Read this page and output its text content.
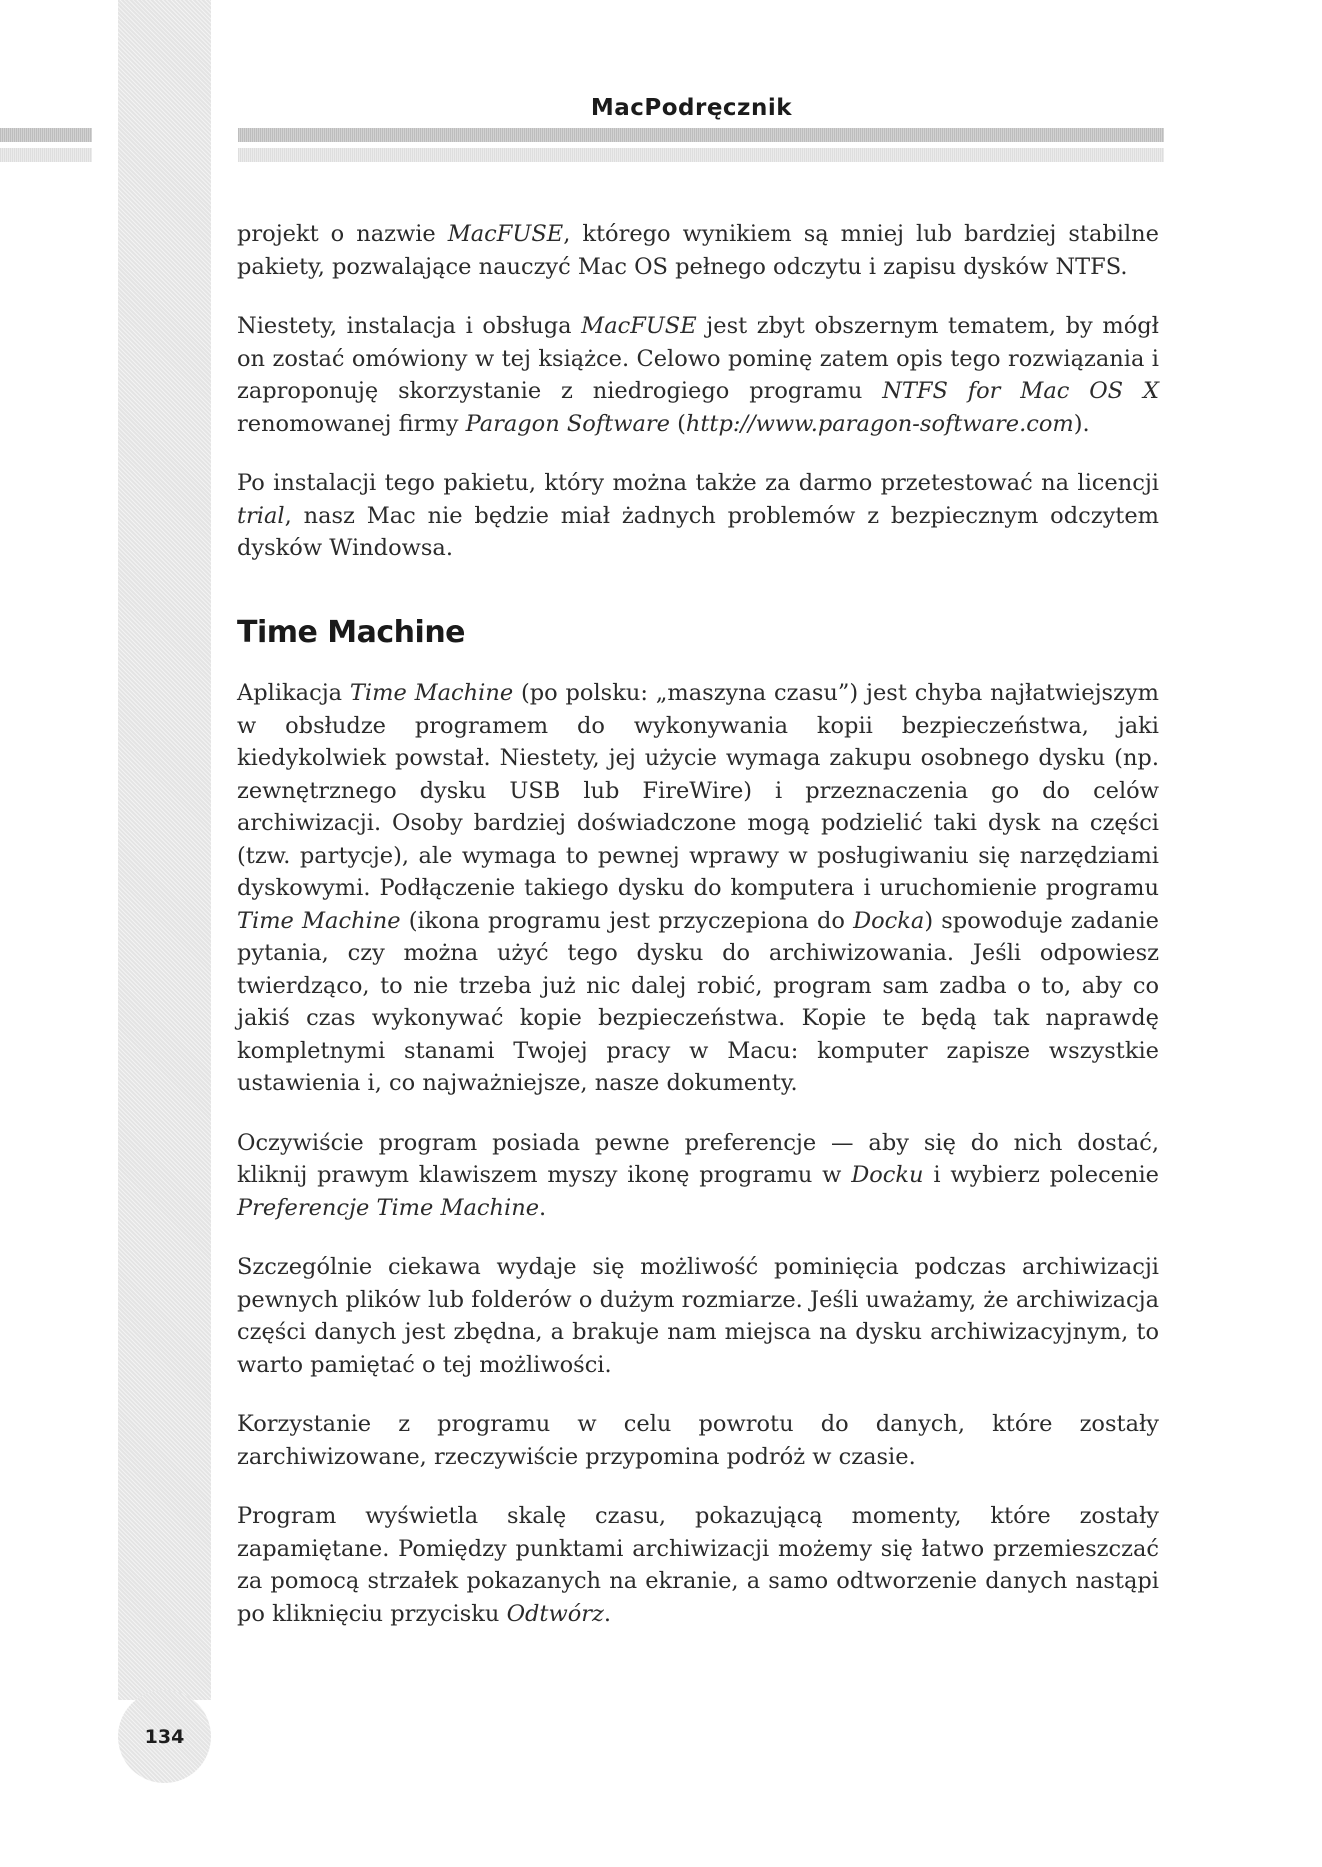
MacPodręcznik

projekt o nazwie MacFUSE, którego wynikiem są mniej lub bardziej stabilne pakiety, pozwalające nauczyć Mac OS pełnego odczytu i zapisu dysków NTFS.

Niestety, instalacja i obsługa MacFUSE jest zbyt obszernym tematem, by mógł on zostać omówiony w tej książce. Celowo pominę zatem opis tego rozwiązania i zaproponuję skorzystanie z niedrogiego programu NTFS for Mac OS X renomowanej firmy Paragon Software (http://www.paragon-software.com).

Po instalacji tego pakietu, który można także za darmo przetestować na licencji trial, nasz Mac nie będzie miał żadnych problemów z bezpiecznym odczytem dysków Windowsa.

Time Machine

Aplikacja Time Machine (po polsku: „maszyna czasu”) jest chyba najłatwiejszym w obsłudze programem do wykonywania kopii bezpieczeństwa, jaki kiedykolwiek powstał. Niestety, jej użycie wymaga zakupu osobnego dysku (np. zewnętrznego dysku USB lub FireWire) i przeznaczenia go do celów archiwizacji. Osoby bardziej doświadczone mogą podzielić taki dysk na części (tzw. partycje), ale wymaga to pewnej wprawy w posługiwaniu się narzędziami dyskowymi. Podłączenie takiego dysku do komputera i uruchomienie programu Time Machine (ikona programu jest przyczepiona do Docka) spowoduje zadanie pytania, czy można użyć tego dysku do archiwizowania. Jeśli odpowiesz twierdząco, to nie trzeba już nic dalej robić, program sam zadba o to, aby co jakiś czas wykonywać kopie bezpieczeństwa. Kopie te będą tak naprawdę kompletnymi stanami Twojej pracy w Macu: komputer zapisze wszystkie ustawienia i, co najważniejsze, nasze dokumenty.

Oczywiście program posiada pewne preferencje — aby się do nich dostać, kliknij prawym klawiszem myszy ikonę programu w Docku i wybierz polecenie Preferencje Time Machine.

Szczególnie ciekawa wydaje się możliwość pominięcia podczas archiwizacji pewnych plików lub folderów o dużym rozmiarze. Jeśli uważamy, że archiwizacja części danych jest zbędna, a brakuje nam miejsca na dysku archiwizacyjnym, to warto pamiętać o tej możliwości.

Korzystanie z programu w celu powrotu do danych, które zostały zarchiwizowane, rzeczywiście przypomina podróż w czasie.

Program wyświetla skalę czasu, pokazującą momenty, które zostały zapamiętane. Pomiędzy punktami archiwizacji możemy się łatwo przemieszczać za pomocą strzałek pokazanych na ekranie, a samo odtworzenie danych nastąpi po kliknięciu przycisku Odtwórz.

134
